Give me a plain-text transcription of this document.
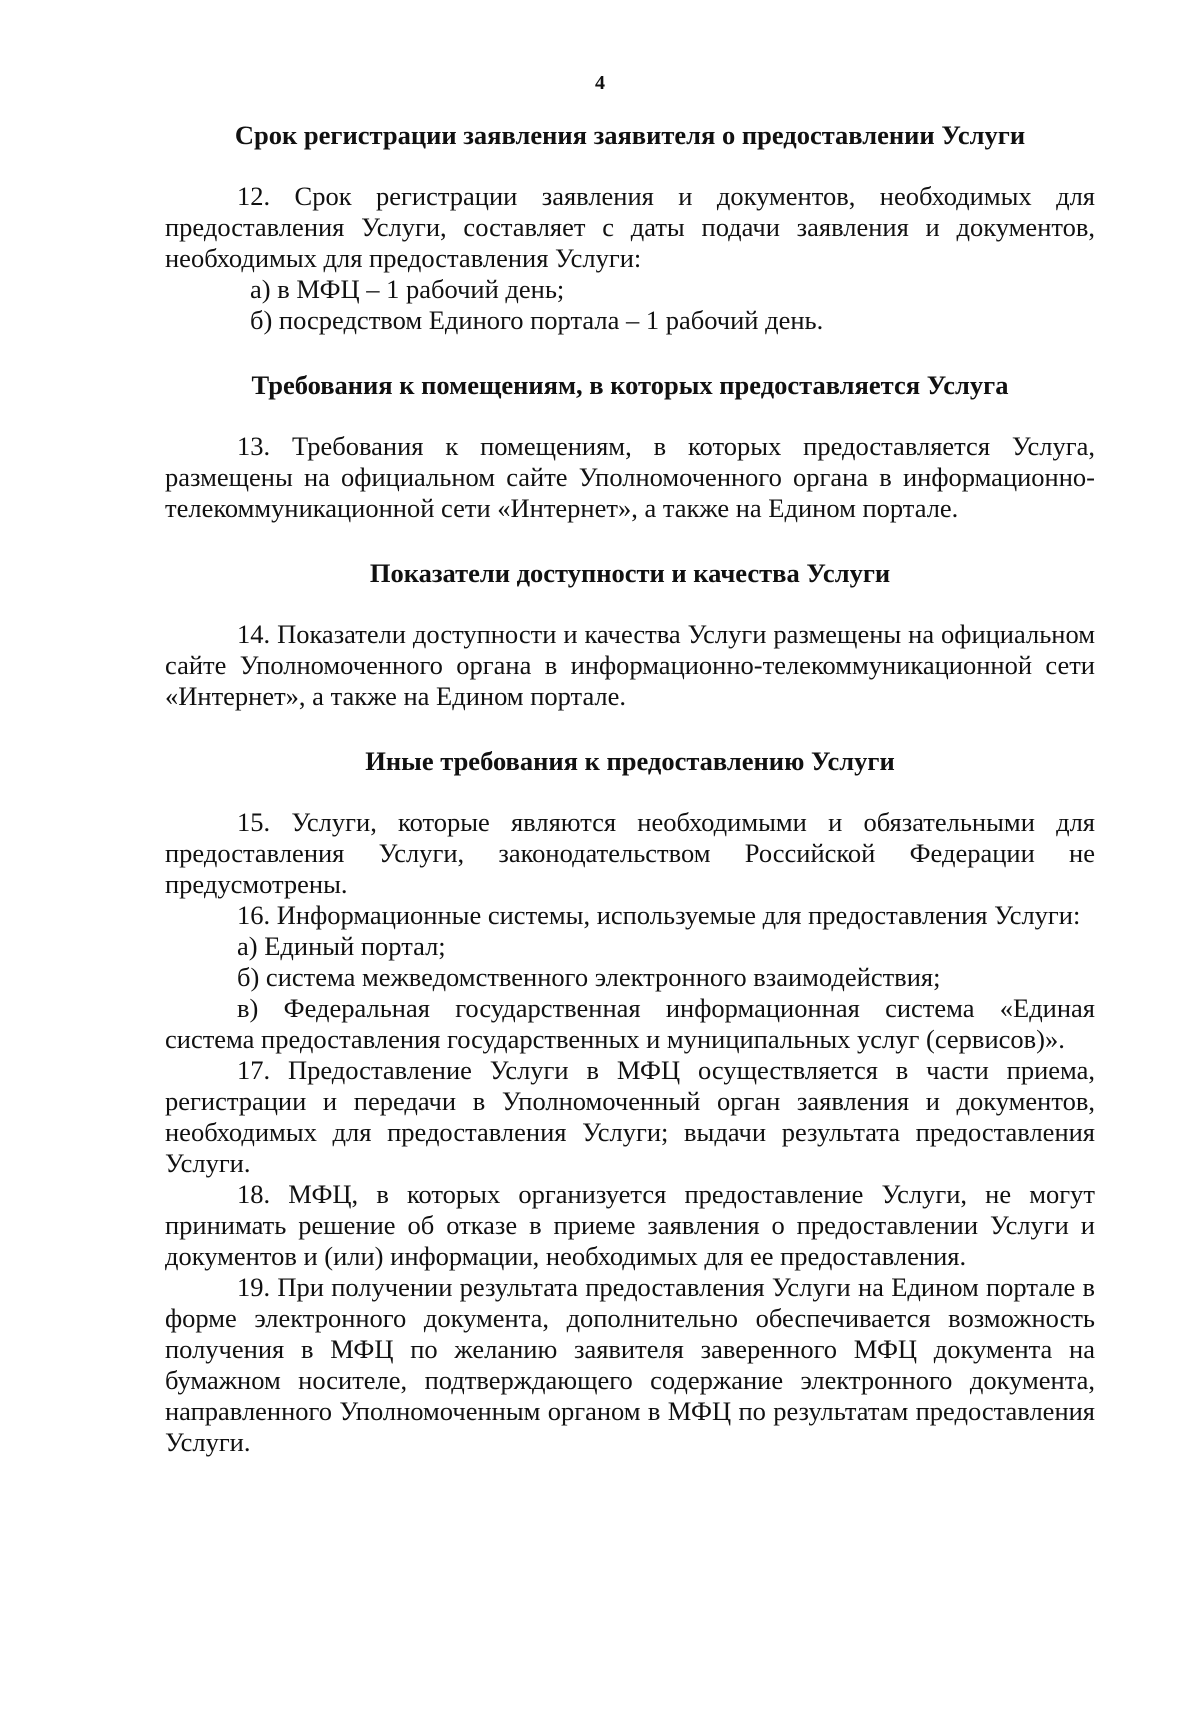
4
Срок регистрации заявления заявителя о предоставлении Услуги

12. Срок регистрации заявления и документов, необходимых для предоставления Услуги, составляет с даты подачи заявления и документов, необходимых для предоставления Услуги:

а) в МФЦ – 1 рабочий день;

б) посредством Единого портала – 1 рабочий день.

Требования к помещениям, в которых предоставляется Услуга

13. Требования к помещениям, в которых предоставляется Услуга, размещены на официальном сайте Уполномоченного органа в информационно-телекоммуникационной сети «Интернет», а также на Едином портале.

Показатели доступности и качества Услуги

14. Показатели доступности и качества Услуги размещены на официальном сайте Уполномоченного органа в информационно-телекоммуникационной сети «Интернет», а также на Едином портале.

Иные требования к предоставлению Услуги

15. Услуги, которые являются необходимыми и обязательными для предоставления Услуги, законодательством Российской Федерации не предусмотрены.

16. Информационные системы, используемые для предоставления Услуги:

а) Единый портал;

б) система межведомственного электронного взаимодействия;

в) Федеральная государственная информационная система «Единая система предоставления государственных и муниципальных услуг (сервисов)».

17. Предоставление Услуги в МФЦ осуществляется в части приема, регистрации и передачи в Уполномоченный орган заявления и документов, необходимых для предоставления Услуги; выдачи результата предоставления Услуги.

18. МФЦ, в которых организуется предоставление Услуги, не могут принимать решение об отказе в приеме заявления о предоставлении Услуги и документов и (или) информации, необходимых для ее предоставления.

19. При получении результата предоставления Услуги на Едином портале в форме электронного документа, дополнительно обеспечивается возможность получения в МФЦ по желанию заявителя заверенного МФЦ документа на бумажном носителе, подтверждающего содержание электронного документа, направленного Уполномоченным органом в МФЦ по результатам предоставления Услуги.
